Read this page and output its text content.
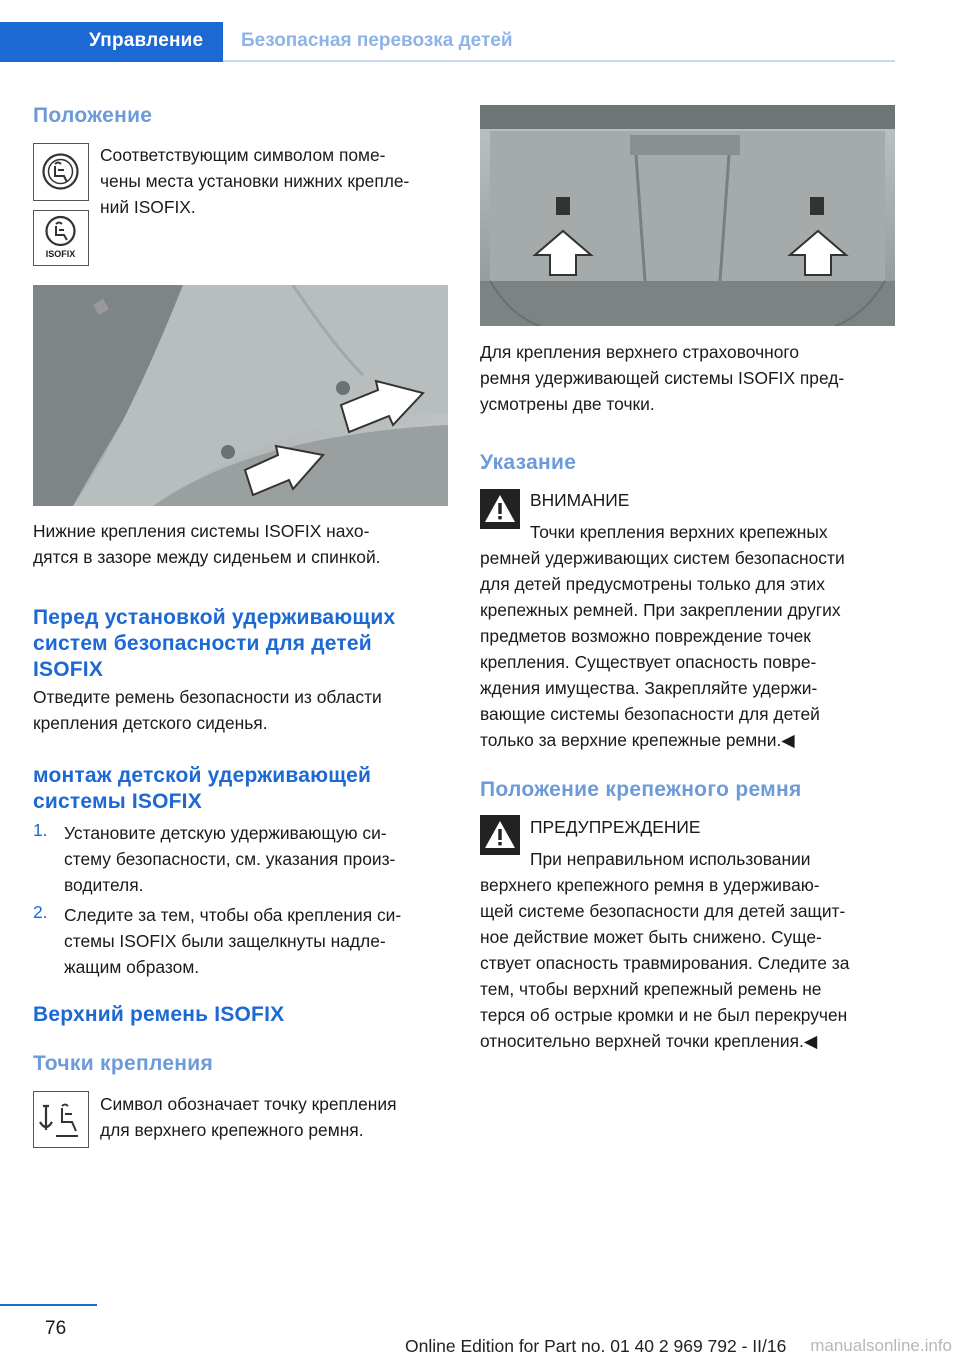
Управление Безопасная перевозка детей
Положение
Соответствующим символом поме-
чены места установки нижних крепле-
ний ISOFIX.
ISOFIX
Нижние крепления системы ISOFIX нахо-
дятся в зазоре между сиденьем и спинкой.
Перед установкой удерживающих
систем безопасности для детей
ISOFIX
Отведите ремень безопасности из области
крепления детского сиденья.
монтаж детской удерживающей
системы ISOFIX
1. Установите детскую удерживающую си-
стему безопасности, см. указания произ-
водителя.
2. Следите за тем, чтобы оба крепления си-
стемы ISOFIX были защелкнуты надле-
жащим образом.
Верхний ремень ISOFIX
Точки крепления
Символ обозначает точку крепления
для верхнего крепежного ремня.
Для крепления верхнего страховочного
ремня удерживающей системы ISOFIX пред-
усмотрены две точки.
Указание
ВНИМАНИЕ
Точки крепления верхних крепежных
ремней удерживающих систем безопасности
для детей предусмотрены только для этих
крепежных ремней. При закреплении других
предметов возможно повреждение точек
крепления. Существует опасность повре-
ждения имущества. Закрепляйте удержи-
вающие системы безопасности для детей
только за верхние крепежные ремни.◀
Положение крепежного ремня
ПРЕДУПРЕЖДЕНИЕ
При неправильном использовании
верхнего крепежного ремня в удерживаю-
щей системе безопасности для детей защит-
ное действие может быть снижено. Суще-
ствует опасность травмирования. Следите за
тем, чтобы верхний крепежный ремень не
терся об острые кромки и не был перекручен
относительно верхней точки крепления.◀
76
Online Edition for Part no. 01 40 2 969 792 - II/16 manualsonline.info
